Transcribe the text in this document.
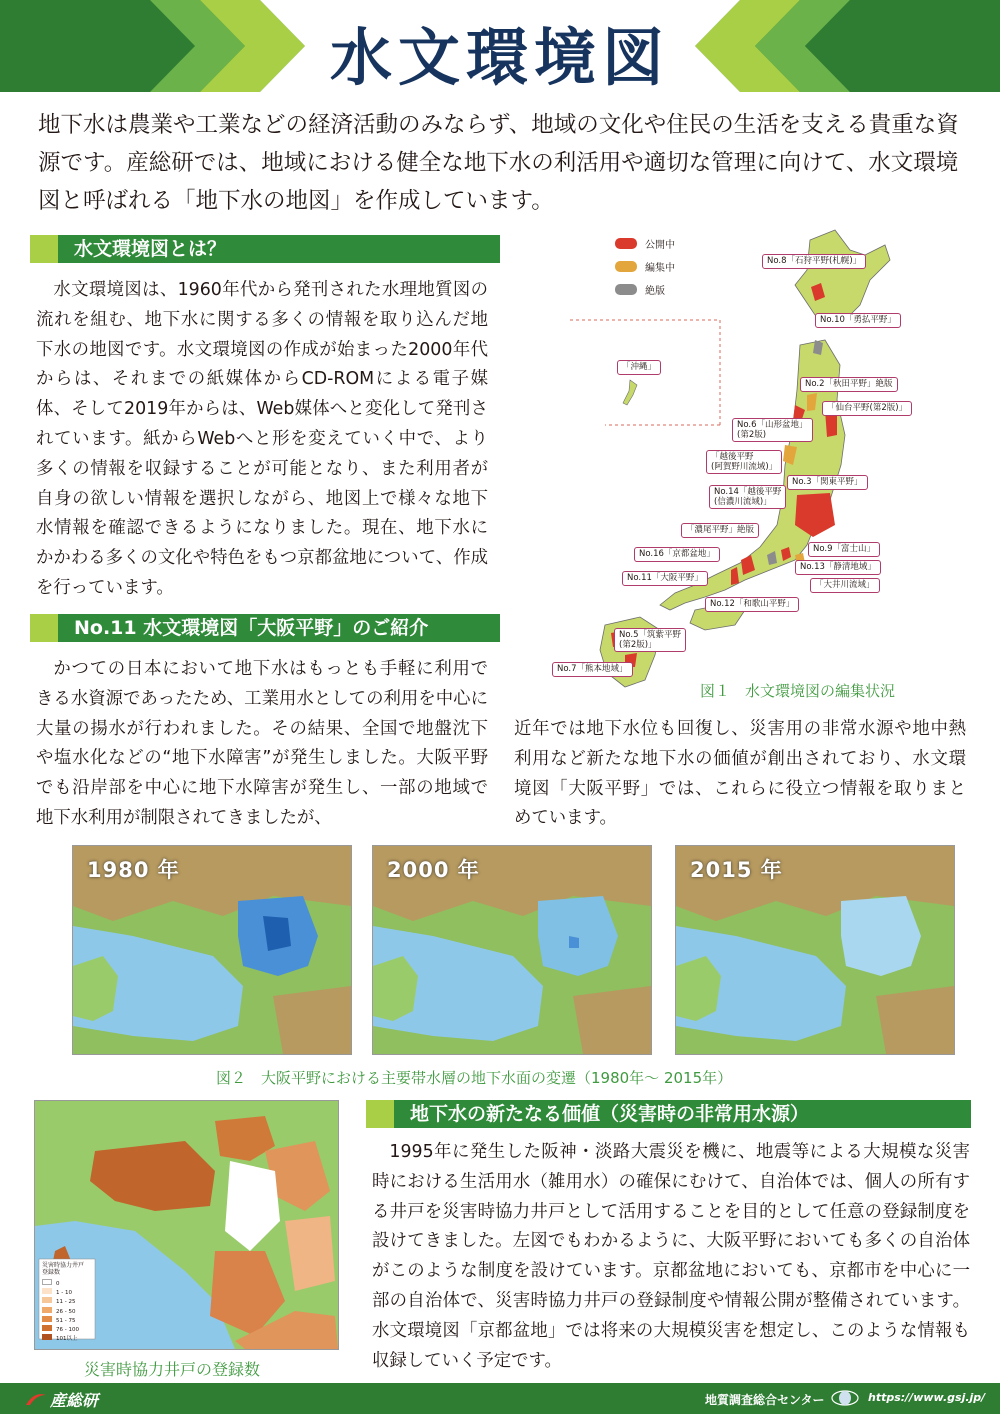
水文環境図
地下水は農業や工業などの経済活動のみならず、地域の文化や住民の生活を支える貴重な資源です。産総研では、地域における健全な地下水の利活用や適切な管理に向けて、水文環境図と呼ばれる「地下水の地図」を作成しています。
水文環境図とは？

水文環境図は、1960年代から発刊された水理地質図の流れを組む、地下水に関する多くの情報を取り込んだ地下水の地図です。水文環境図の作成が始まった2000年代からは、それまでの紙媒体からCD-ROMによる電子媒体、そして2019年からは、Web媒体へと変化して発刊されています。紙からWebへと形を変えていく中で、より多くの情報を収録することが可能となり、また利用者が自身の欲しい情報を選択しながら、地図上で様々な地下水情報を確認できるようになりました。現在、地下水にかかわる多くの文化や特色をもつ京都盆地について、作成を行っています。

No.11 水文環境図「大阪平野」のご紹介

かつての日本において地下水はもっとも手軽に利用できる水資源であったため、工業用水としての利用を中心に大量の揚水が行われました。その結果、全国で地盤沈下や塩水化などの“地下水障害”が発生しました。大阪平野でも沿岸部を中心に地下水障害が発生し、一部の地域で地下水利用が制限されてきましたが、

近年では地下水位も回復し、災害用の非常水源や地中熱利用など新たな地下水の価値が創出されており、水文環境図「大阪平野」では、これらに役立つ情報を取りまとめています。

公開中
編集中
絶版
No.8「石狩平野(札幌)」
No.10「勇払平野」
「沖縄」
No.2「秋田平野」絶版
「仙台平野(第2版)」
No.6「山形盆地」
(第2版)
「越後平野
(阿賀野川流域)」
No.3「関東平野」
No.14「越後平野
(信濃川流域)」
「濃尾平野」絶版
No.16「京都盆地」	No.9「富士山」
No.13「静清地域」
No.11「大阪平野」
「大井川流域」
No.12「和歌山平野」
No.5「筑紫平野
(第2版)」
No.7「熊本地域」
図１　水文環境図の編集状況
1980 年	2000 年	2015 年
図２　大阪平野における主要帯水層の地下水面の変遷（1980年～ 2015年）
災害時協力井戸
登録数
0
1 - 10
11 - 25
26 - 50
51 - 75
76 - 100
101以上
災害時協力井戸の登録数
地下水の新たなる価値（災害時の非常用水源）

1995年に発生した阪神・淡路大震災を機に、地震等による大規模な災害時における生活用水（雑用水）の確保にむけて、自治体では、個人の所有する井戸を災害時協力井戸として活用することを目的として任意の登録制度を設けてきました。左図でもわかるように、大阪平野においても多くの自治体がこのような制度を設けています。京都盆地においても、京都市を中心に一部の自治体で、災害時協力井戸の登録制度や情報公開が整備されています。水文環境図「京都盆地」では将来の大規模災害を想定し、このような情報も収録していく予定です。

産総研	地質調査総合センター	https://www.gsj.jp/
